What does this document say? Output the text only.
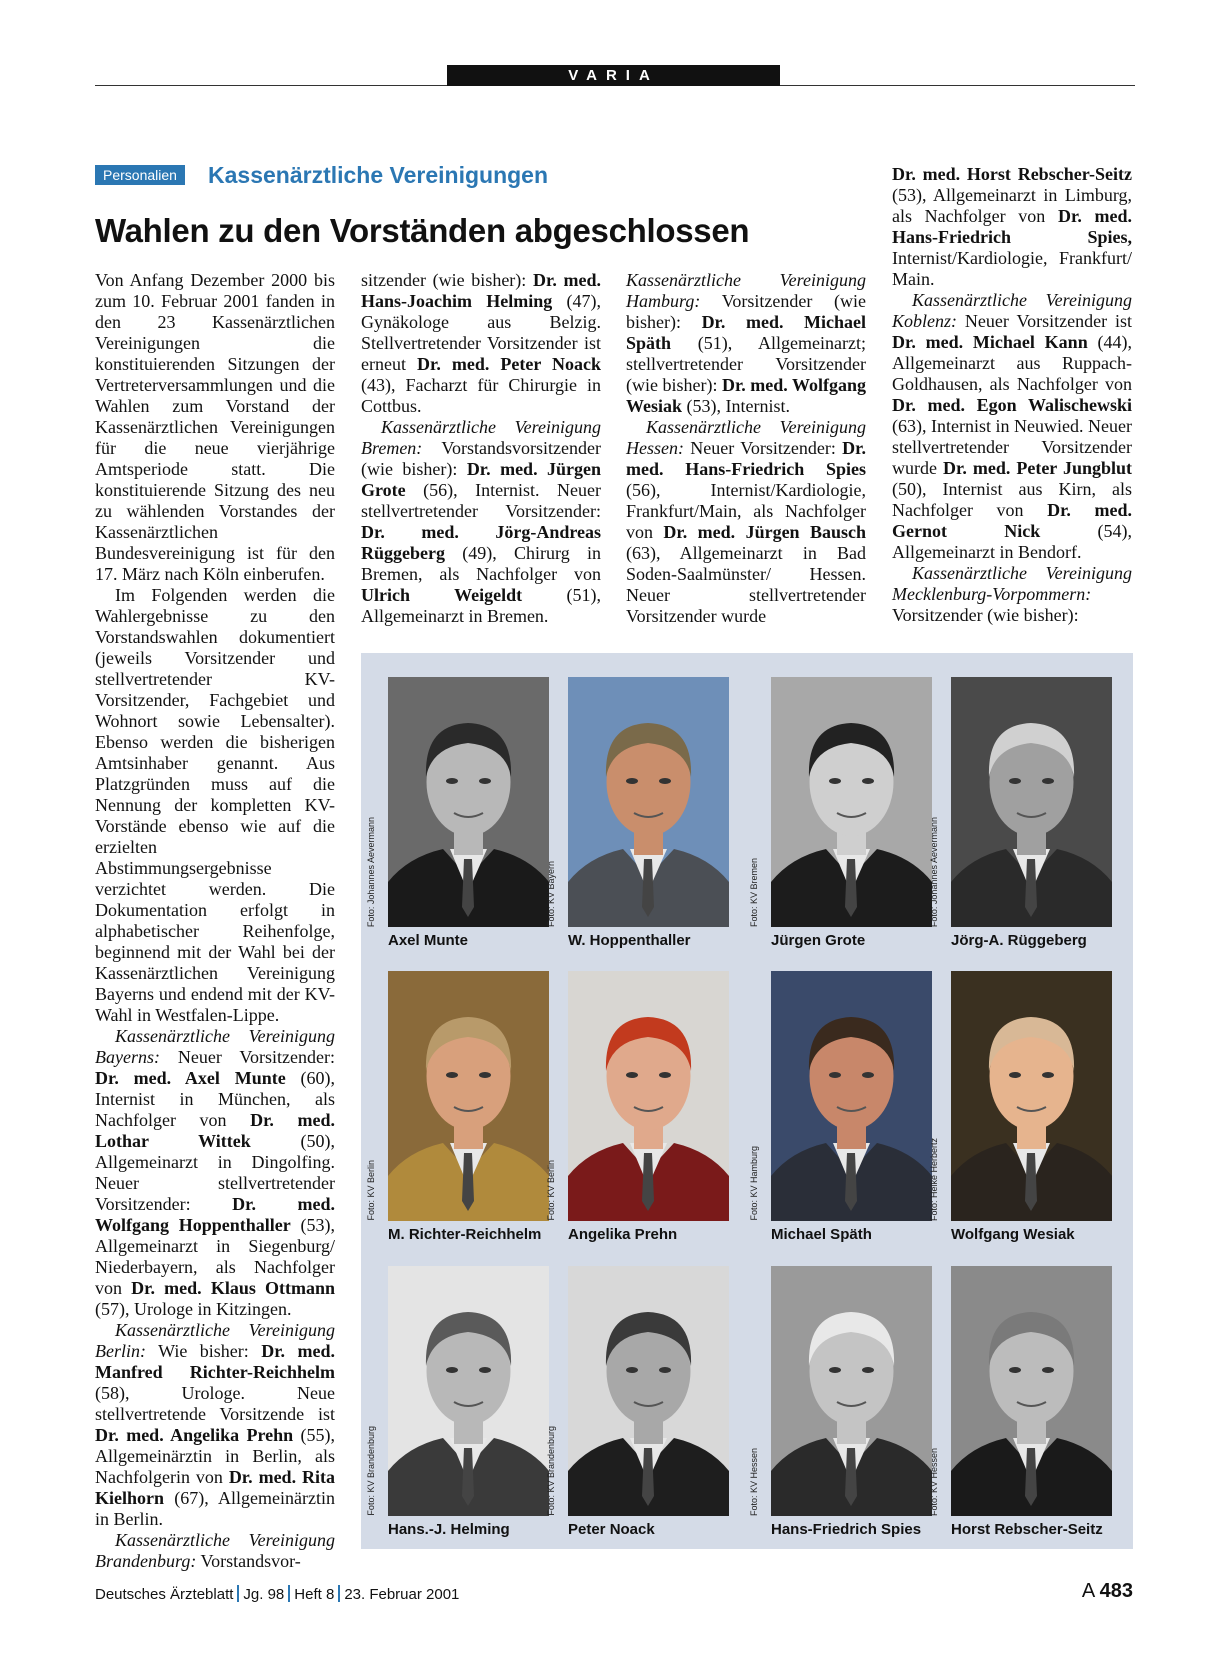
VARIA
Personalien	Kassenärztliche Vereinigungen
Wahlen zu den Vorständen abgeschlossen

Von Anfang Dezember 2000 bis zum 10. Februar 2001 fanden in den 23 Kassenärztlichen Vereinigungen die konstituierenden Sitzungen der Vertreterversammlungen und die Wahlen zum Vorstand der Kassenärztlichen Vereinigungen für die neue vierjährige Amtsperiode statt. Die konstituierende Sitzung des neu zu wählenden Vorstandes der Kassenärztlichen Bundesvereinigung ist für den 17. März nach Köln einberufen.

Im Folgenden werden die Wahlergebnisse zu den Vorstandswahlen dokumentiert (jeweils Vorsitzender und stellvertretender KV-Vorsitzender, Fachgebiet und Wohnort sowie Lebensalter). Ebenso werden die bisherigen Amtsinhaber genannt. Aus Platzgründen muss auf die Nennung der kompletten KV-Vorstände ebenso wie auf die erzielten Abstimmungsergebnisse verzichtet werden. Die Dokumentation erfolgt in alphabetischer Reihenfolge, beginnend mit der Wahl bei der Kassenärztlichen Vereinigung Bayerns und endend mit der KV-Wahl in Westfalen-Lippe.

Kassenärztliche Vereinigung Bayerns: Neuer Vorsitzender: Dr. med. Axel Munte (60), Internist in München, als Nachfolger von Dr. med. Lothar Wittek (50), Allgemeinarzt in Dingolfing. Neuer stellvertretender Vorsitzender: Dr. med. Wolfgang Hoppenthaller (53), Allgemeinarzt in Siegenburg/ Niederbayern, als Nachfolger von Dr. med. Klaus Ottmann (57), Urologe in Kitzingen.

Kassenärztliche Vereinigung Berlin: Wie bisher: Dr. med. Manfred Richter-Reichhelm (58), Urologe. Neue stellvertretende Vorsitzende ist Dr. med. Angelika Prehn (55), Allgemeinärztin in Berlin, als Nachfolgerin von Dr. med. Rita Kielhorn (67), Allgemeinärztin in Berlin.

Kassenärztliche Vereinigung Brandenburg: Vorstandsvor-

sitzender (wie bisher): Dr. med. Hans-Joachim Helming (47), Gynäkologe aus Belzig. Stellvertretender Vorsitzender ist erneut Dr. med. Peter Noack (43), Facharzt für Chirurgie in Cottbus.

Kassenärztliche Vereinigung Bremen: Vorstandsvorsitzender (wie bisher): Dr. med. Jürgen Grote (56), Internist. Neuer stellvertretender Vorsitzender: Dr. med. Jörg-Andreas Rüggeberg (49), Chirurg in Bremen, als Nachfolger von Ulrich Weigeldt (51), Allgemeinarzt in Bremen.

Kassenärztliche Vereinigung Hamburg: Vorsitzender (wie bisher): Dr. med. Michael Späth (51), Allgemeinarzt; stellvertretender Vorsitzender (wie bisher): Dr. med. Wolfgang Wesiak (53), Internist.

Kassenärztliche Vereinigung Hessen: Neuer Vorsitzender: Dr. med. Hans-Friedrich Spies (56), Internist/Kardiologie, Frankfurt/Main, als Nachfolger von Dr. med. Jürgen Bausch (63), Allgemeinarzt in Bad Soden-Saalmünster/ Hessen. Neuer stellvertretender Vorsitzender wurde

Dr. med. Horst Rebscher-Seitz (53), Allgemeinarzt in Limburg, als Nachfolger von Dr. med. Hans-Friedrich Spies, Internist/Kardiologie, Frankfurt/ Main.

Kassenärztliche Vereinigung Koblenz: Neuer Vorsitzender ist Dr. med. Michael Kann (44), Allgemeinarzt aus Ruppach-Goldhausen, als Nachfolger von Dr. med. Egon Walischewski (63), Internist in Neuwied. Neuer stellvertretender Vorsitzender wurde Dr. med. Peter Jungblut (50), Internist aus Kirn, als Nachfolger von Dr. med. Gernot Nick (54), Allgemeinarzt in Bendorf.

Kassenärztliche Vereinigung Mecklenburg-Vorpommern: Vorsitzender (wie bisher):

Foto: Johannes Aevermann
Axel Munte
Foto: KV Bayern
W. Hoppenthaller
Foto: KV Bremen
Jürgen Grote
Foto: Johannes Aevermann
Jörg-A. Rüggeberg
Foto: KV Berlin
M. Richter-Reichhelm
Foto: KV Berlin
Angelika Prehn
Foto: KV Hamburg
Michael Späth
Foto: Heike Herbertz
Wolfgang Wesiak
Foto: KV Brandenburg
Hans.-J. Helming
Foto: KV Brandenburg
Peter Noack
Foto: KV Hessen
Hans-Friedrich Spies
Foto: KV Hessen
Horst Rebscher-Seitz
Deutsches Ärzteblatt Jg. 98 Heft 8 23. Februar 2001	A 483
